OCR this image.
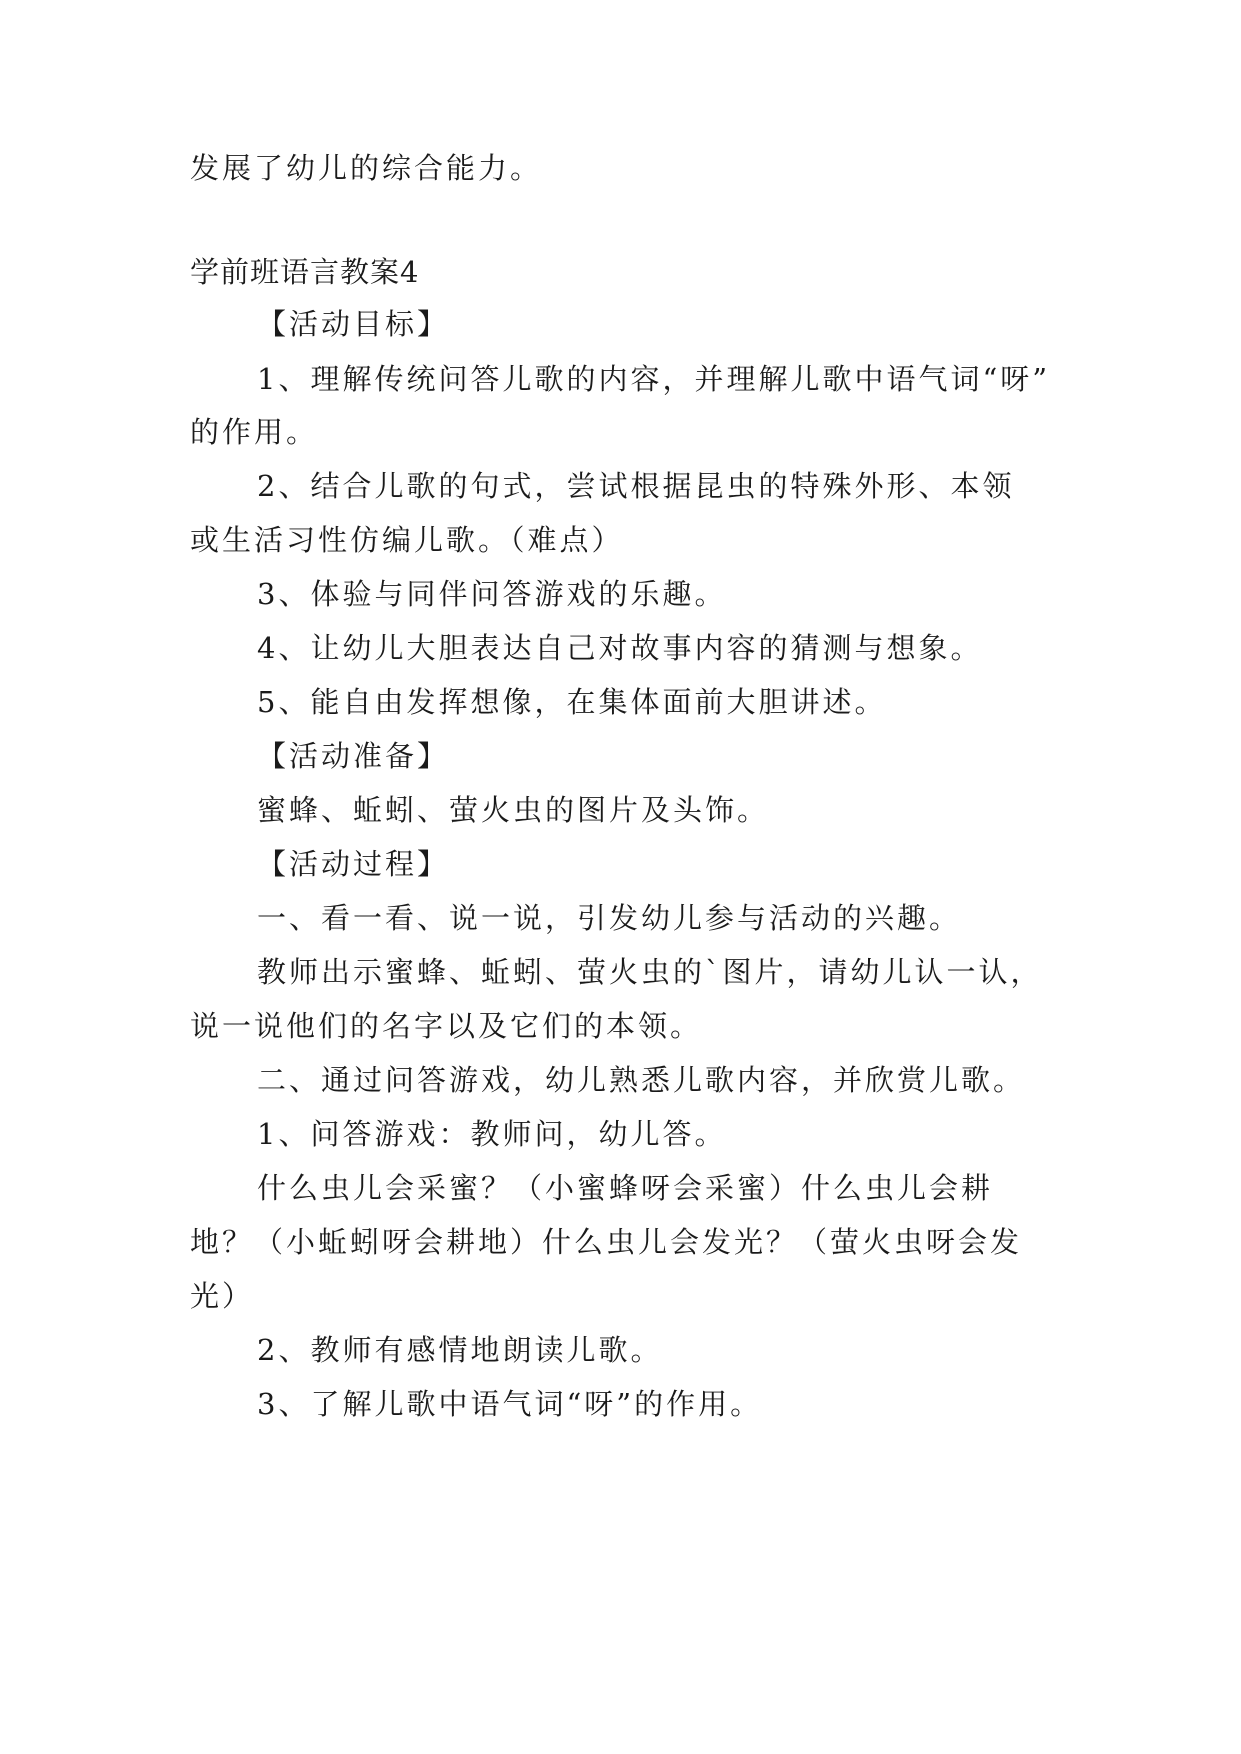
发展了幼儿的综合能力。
学前班语言教案4
【活动目标】
1、理解传统问答儿歌的内容，并理解儿歌中语气词“呀”
的作用。
2、结合儿歌的句式，尝试根据昆虫的特殊外形、本领
或生活习性仿编儿歌。（难点）
3、体验与同伴问答游戏的乐趣。
4、让幼儿大胆表达自己对故事内容的猜测与想象。
5、能自由发挥想像，在集体面前大胆讲述。
【活动准备】
蜜蜂、蚯蚓、萤火虫的图片及头饰。
【活动过程】
一、看一看、说一说，引发幼儿参与活动的兴趣。
教师出示蜜蜂、蚯蚓、萤火虫的`图片，请幼儿认一认，
说一说他们的名字以及它们的本领。
二、通过问答游戏，幼儿熟悉儿歌内容，并欣赏儿歌。
1、问答游戏：教师问，幼儿答。
什么虫儿会采蜜？（小蜜蜂呀会采蜜）什么虫儿会耕
地？（小蚯蚓呀会耕地）什么虫儿会发光？（萤火虫呀会发
光）
2、教师有感情地朗读儿歌。
3、了解儿歌中语气词“呀”的作用。
